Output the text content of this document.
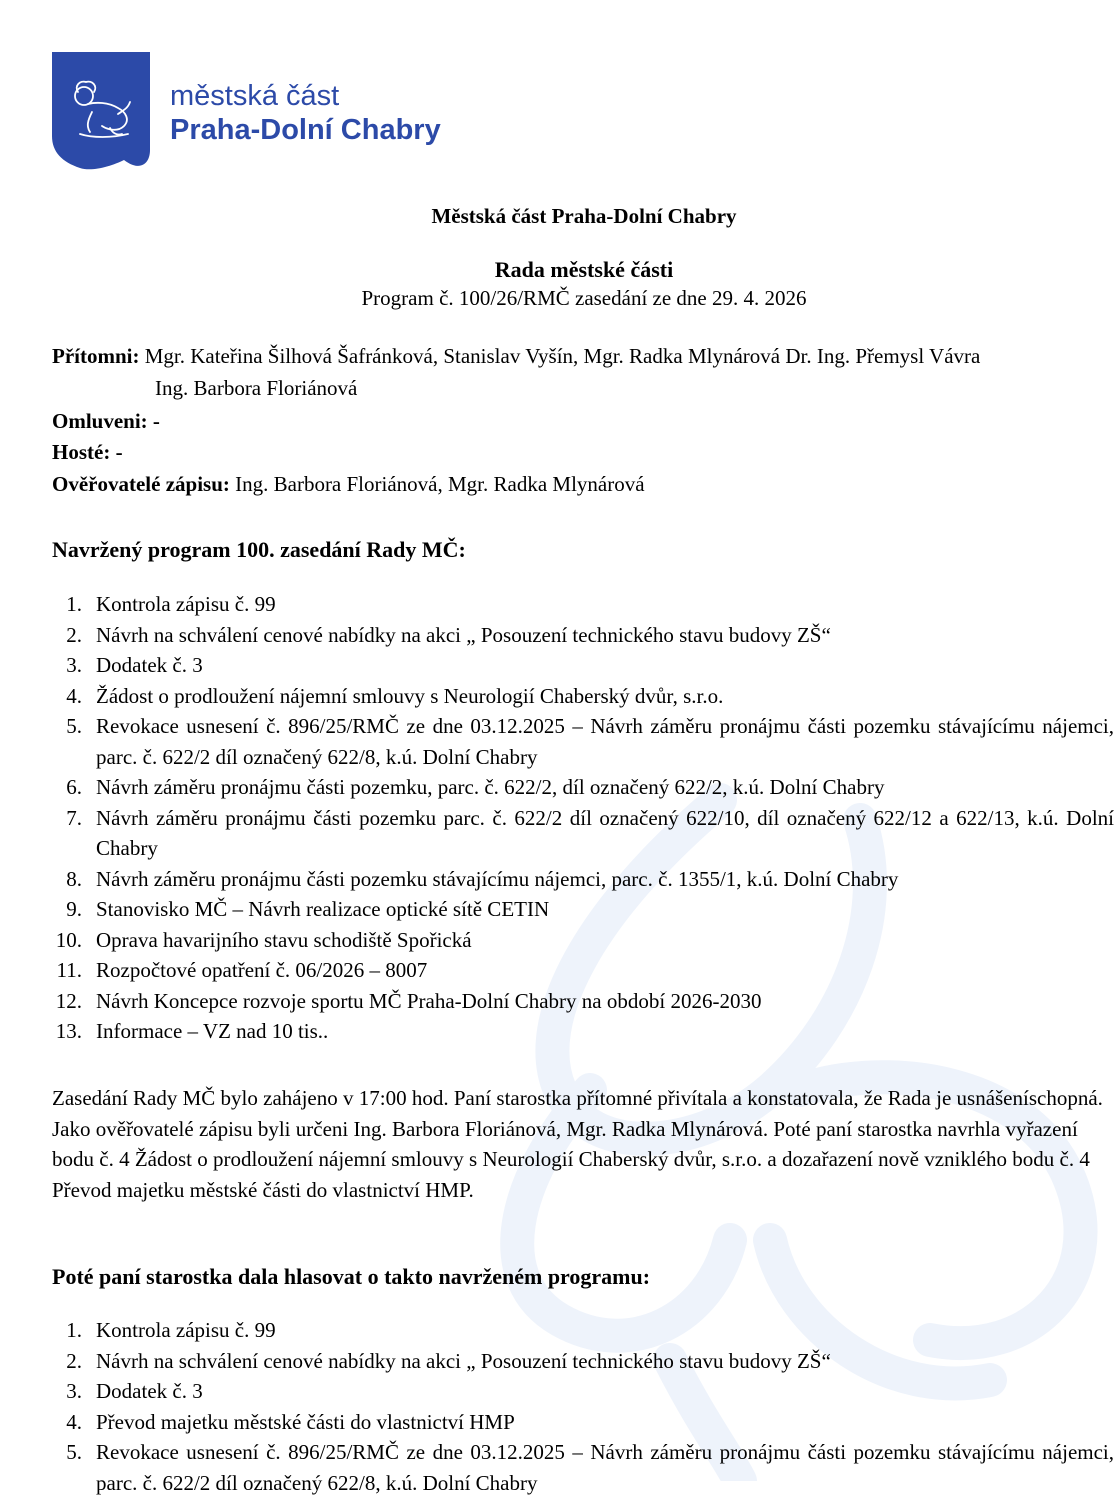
městská část
Praha-Dolní Chabry
Městská část Praha-Dolní Chabry
Rada městské části
Program č. 100/26/RMČ zasedání ze dne 29. 4. 2026
Přítomni: Mgr. Kateřina Šilhová Šafránková, Stanislav Vyšín, Mgr. Radka Mlynárová Dr. Ing. Přemysl Vávra
Ing. Barbora Floriánová
Omluveni: -
Hosté: -
Ověřovatelé zápisu: Ing. Barbora Floriánová, Mgr. Radka Mlynárová
Navržený program 100. zasedání Rady MČ:
1. Kontrola zápisu č. 99
2. Návrh na schválení cenové nabídky na akci „ Posouzení technického stavu budovy ZŠ“
3. Dodatek č. 3
4. Žádost o prodloužení nájemní smlouvy s Neurologií Chaberský dvůr, s.r.o.
5. Revokace usnesení č. 896/25/RMČ ze dne 03.12.2025 – Návrh záměru pronájmu části pozemku stávajícímu nájemci, parc. č. 622/2 díl označený 622/8, k.ú. Dolní Chabry
6. Návrh záměru pronájmu části pozemku, parc. č. 622/2, díl označený 622/2, k.ú. Dolní Chabry
7. Návrh záměru pronájmu části pozemku parc. č. 622/2 díl označený 622/10, díl označený 622/12 a 622/13, k.ú. Dolní Chabry
8. Návrh záměru pronájmu části pozemku stávajícímu nájemci, parc. č. 1355/1, k.ú. Dolní Chabry
9. Stanovisko MČ – Návrh realizace optické sítě CETIN
10. Oprava havarijního stavu schodiště Spořická
11. Rozpočtové opatření č. 06/2026 – 8007
12. Návrh Koncepce rozvoje sportu MČ Praha-Dolní Chabry na období 2026-2030
13. Informace – VZ nad 10 tis..
Zasedání Rady MČ bylo zahájeno v 17:00 hod. Paní starostka přítomné přivítala a konstatovala, že Rada je usnášeníschopná. Jako ověřovatelé zápisu byli určeni Ing. Barbora Floriánová, Mgr. Radka Mlynárová. Poté paní starostka navrhla vyřazení bodu č. 4 Žádost o prodloužení nájemní smlouvy s Neurologií Chaberský dvůr, s.r.o. a dozařazení nově vzniklého bodu č. 4 Převod majetku městské části do vlastnictví HMP.
Poté paní starostka dala hlasovat o takto navrženém programu:
1. Kontrola zápisu č. 99
2. Návrh na schválení cenové nabídky na akci „ Posouzení technického stavu budovy ZŠ“
3. Dodatek č. 3
4. Převod majetku městské části do vlastnictví HMP
5. Revokace usnesení č. 896/25/RMČ ze dne 03.12.2025 – Návrh záměru pronájmu části pozemku stávajícímu nájemci, parc. č. 622/2 díl označený 622/8, k.ú. Dolní Chabry
